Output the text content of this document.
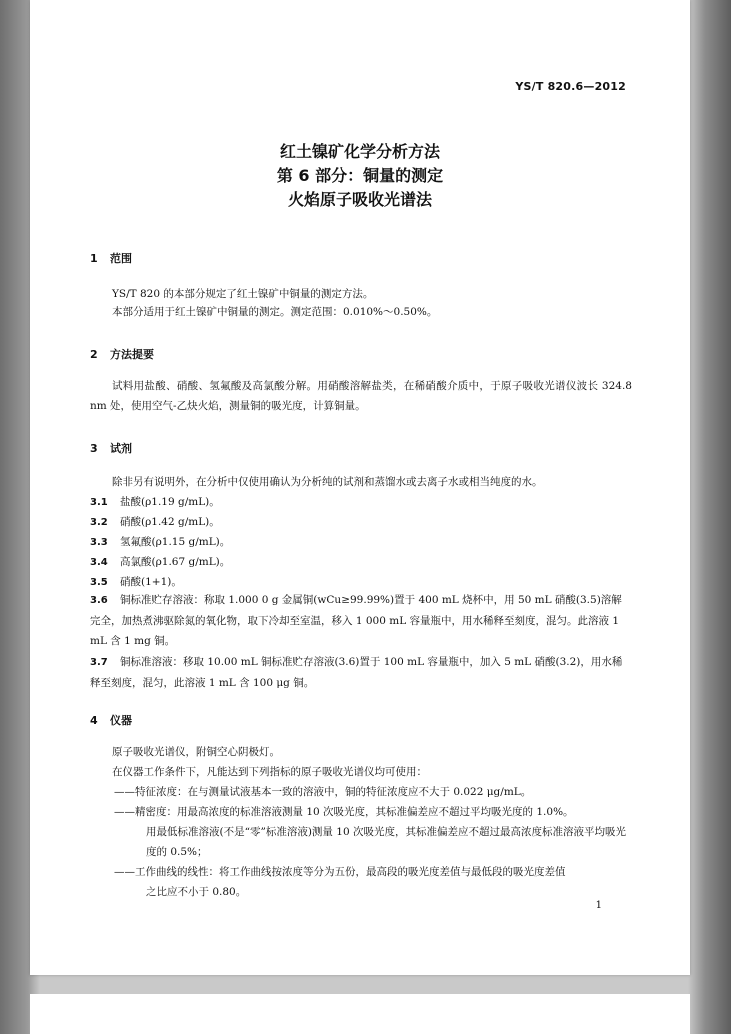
YS/T 820.6—2012
红土镍矿化学分析方法
第 6 部分：铜量的测定
火焰原子吸收光谱法
1 范围
YS/T 820 的本部分规定了红土镍矿中铜量的测定方法。
本部分适用于红土镍矿中铜量的测定。测定范围：0.010%～0.50%。
2 方法提要
试料用盐酸、硝酸、氢氟酸及高氯酸分解。用硝酸溶解盐类，在稀硝酸介质中，于原子吸收光谱仪波长 324.8 nm 处，使用空气-乙炔火焰，测量铜的吸光度，计算铜量。
3 试剂
除非另有说明外，在分析中仅使用确认为分析纯的试剂和蒸馏水或去离子水或相当纯度的水。
3.1 盐酸(ρ1.19 g/mL)。
3.2 硝酸(ρ1.42 g/mL)。
3.3 氢氟酸(ρ1.15 g/mL)。
3.4 高氯酸(ρ1.67 g/mL)。
3.5 硝酸(1+1)。
3.6 铜标准贮存溶液：称取 1.000 0 g 金属铜(wCu≥99.99%)置于 400 mL 烧杯中，用 50 mL 硝酸(3.5)溶解完全，加热煮沸驱除氮的氧化物，取下冷却至室温，移入 1 000 mL 容量瓶中，用水稀释至刻度，混匀。此溶液 1 mL 含 1 mg 铜。
3.7 铜标准溶液：移取 10.00 mL 铜标准贮存溶液(3.6)置于 100 mL 容量瓶中，加入 5 mL 硝酸(3.2)，用水稀释至刻度，混匀，此溶液 1 mL 含 100 μg 铜。
4 仪器
原子吸收光谱仪，附铜空心阴极灯。
在仪器工作条件下，凡能达到下列指标的原子吸收光谱仪均可使用：
——特征浓度：在与测量试液基本一致的溶液中，铜的特征浓度应不大于 0.022 μg/mL。
——精密度：用最高浓度的标准溶液测量 10 次吸光度，其标准偏差应不超过平均吸光度的 1.0%。
用最低标准溶液(不是“零”标准溶液)测量 10 次吸光度，其标准偏差应不超过最高浓度标准溶液平均吸光度的 0.5%；
——工作曲线的线性：将工作曲线按浓度等分为五份，最高段的吸光度差值与最低段的吸光度差值
之比应不小于 0.80。
1
